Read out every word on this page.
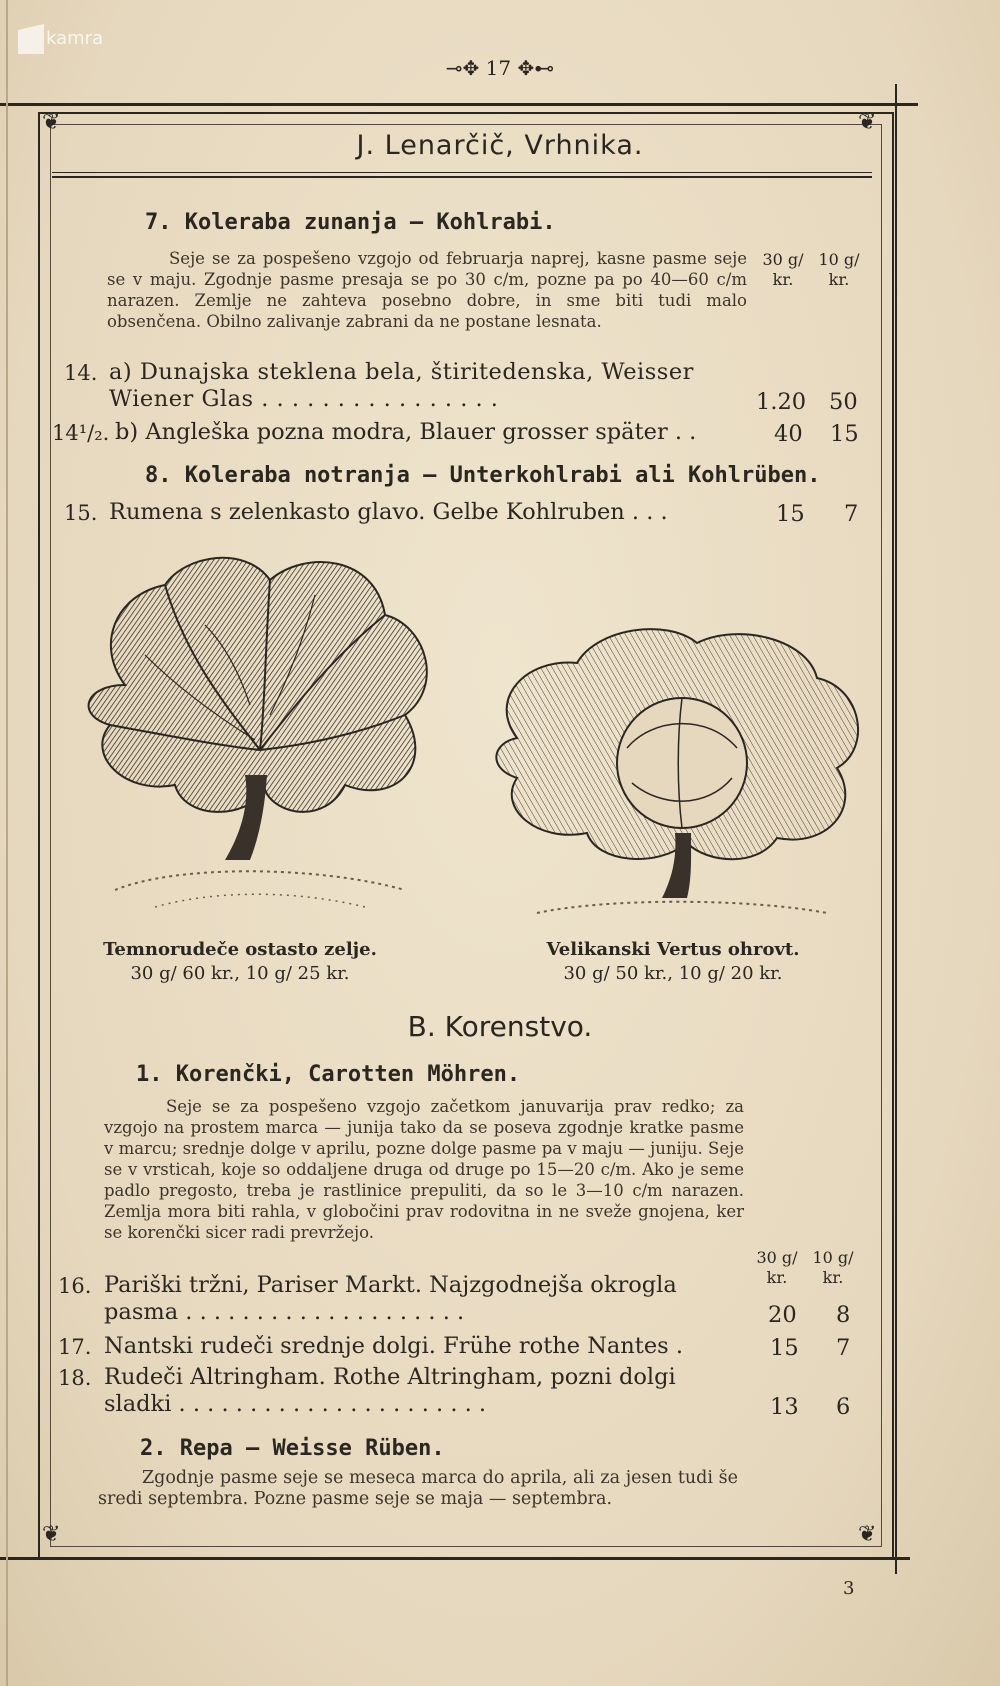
kamra
⊸✥ 17 ✥⊷
❦	❦
❦	❦
J. Lenarčič, Vrhnika.
7. Koleraba zunanja — Kohlrabi.
Seje se za pospešeno vzgojo od februarja naprej, kasne pasme seje se v maju. Zgodnje pasme presaja se po 30 c/m, pozne pa po 40—60 c/m narazen. Zemlje ne zahteva posebno dobre, in sme biti tudi malo obsenčena. Obilno zalivanje zabrani da ne postane lesnata.
30 g/ kr.
10 g/ kr.
14. a) Dunajska steklena bela, štiritedenska, Weisser Wiener Glas . . . . . . . . . . . . . . . .	1.20 50
14¹/₂. b) Angleška pozna modra, Blauer grosser später . .	40 15
8. Koleraba notranja — Unterkohlrabi ali Kohlrüben.
15. Rumena s zelenkasto glavo. Gelbe Kohlruben . . .	15 7
Temnorudeče ostasto zelje.
30 g/ 60 kr., 10 g/ 25 kr.
Velikanski Vertus ohrovt.
30 g/ 50 kr., 10 g/ 20 kr.
B. Korenstvo.
1. Korenčki, Carotten Möhren.
Seje se za pospešeno vzgojo začetkom januvarija prav redko; za vzgojo na prostem marca — junija tako da se poseva zgodnje kratke pasme v marcu; srednje dolge v aprilu, pozne dolge pasme pa v maju — juniju. Seje se v vrsticah, koje so oddaljene druga od druge po 15—20 c/m. Ako je seme padlo pregosto, treba je rastlinice prepuliti, da so le 3—10 c/m narazen. Zemlja mora biti rahla, v globočini prav rodovitna in ne sveže gnojena, ker se korenčki sicer radi prevržejo.
30 g/ kr.
10 g/ kr.
16. Pariški tržni, Pariser Markt. Najzgodnejša okrogla pasma . . . . . . . . . . . . . . . . . . . .	20 8
17. Nantski rudeči srednje dolgi. Frühe rothe Nantes .	15 7
18. Rudeči Altringham. Rothe Altringham, pozni dolgi sladki . . . . . . . . . . . . . . . . . . . . . .	13 6
2. Repa — Weisse Rüben.
Zgodnje pasme seje se meseca marca do aprila, ali za jesen tudi še sredi septembra. Pozne pasme seje se maja — septembra.
3
